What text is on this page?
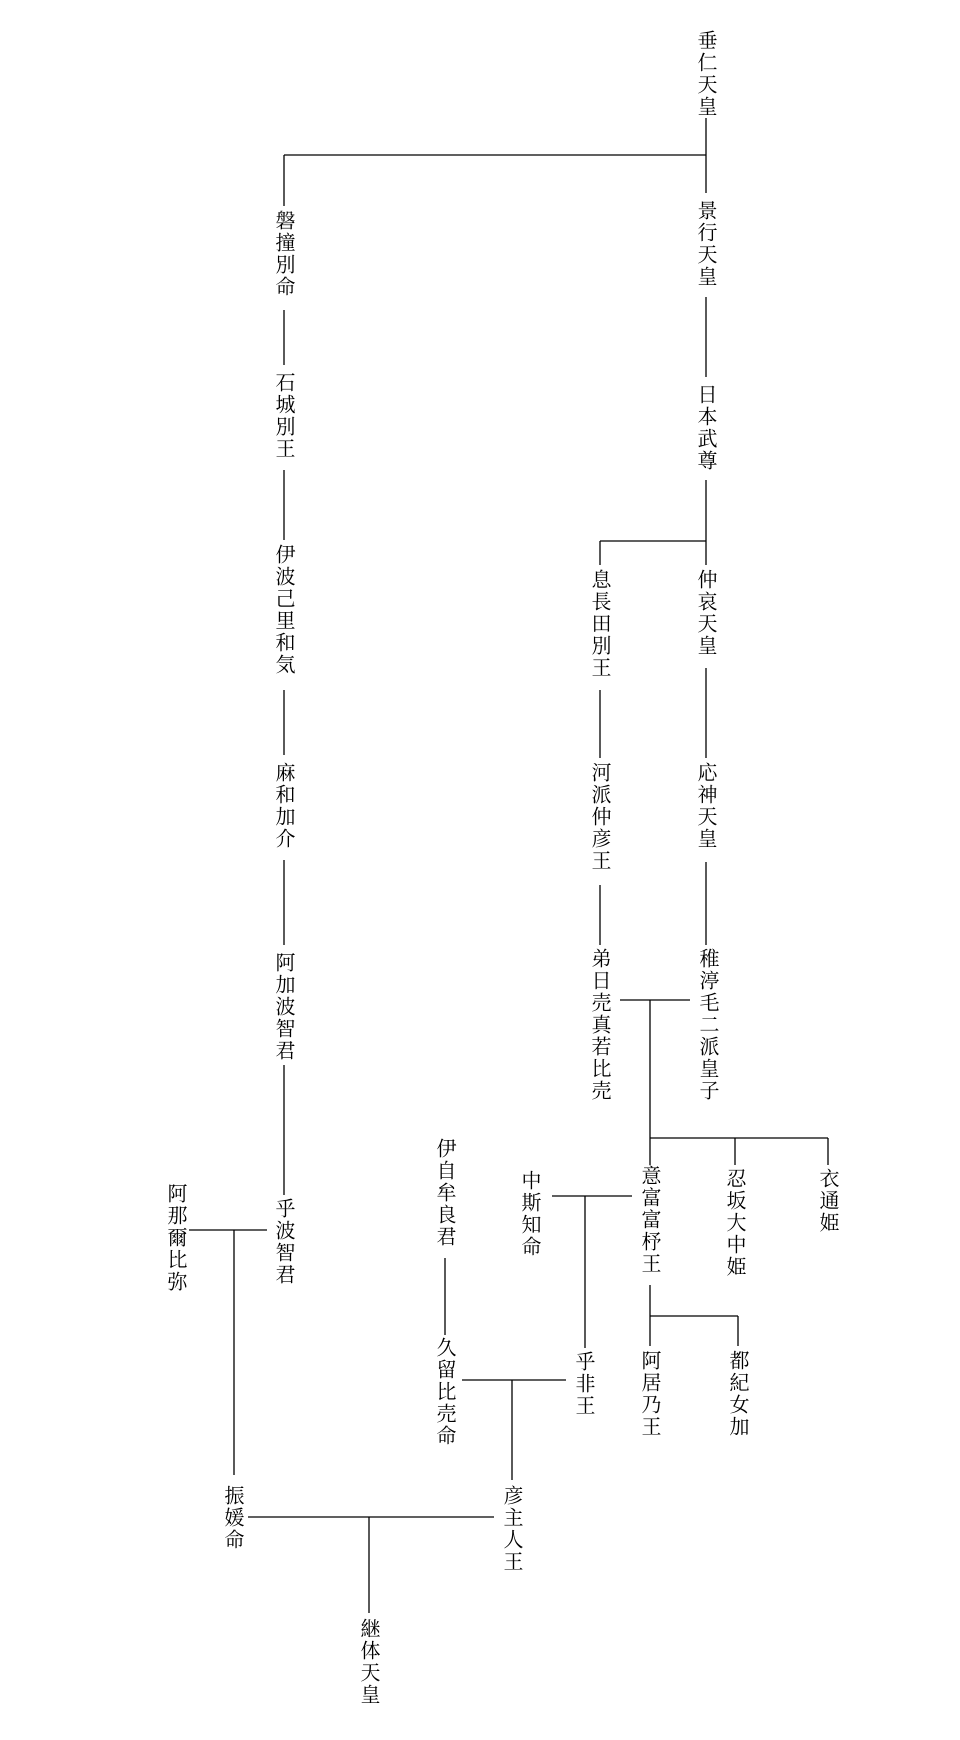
垂仁天皇
景行天皇
磐撞別命
石城別王	日本武尊
伊波己里和気	息長田別王	仲哀天皇
麻和加介	河派仲彦王	応神天皇
阿加波智君	弟日売真若比売	稚渟毛二派皇子
阿那爾比弥	乎波智君	伊自牟良君	中斯知命	意富富杼王	忍坂大中姫	衣通姫
久留比売命	乎非王 阿居乃王	都紀女加
振媛命	彦主人王
継体天皇
